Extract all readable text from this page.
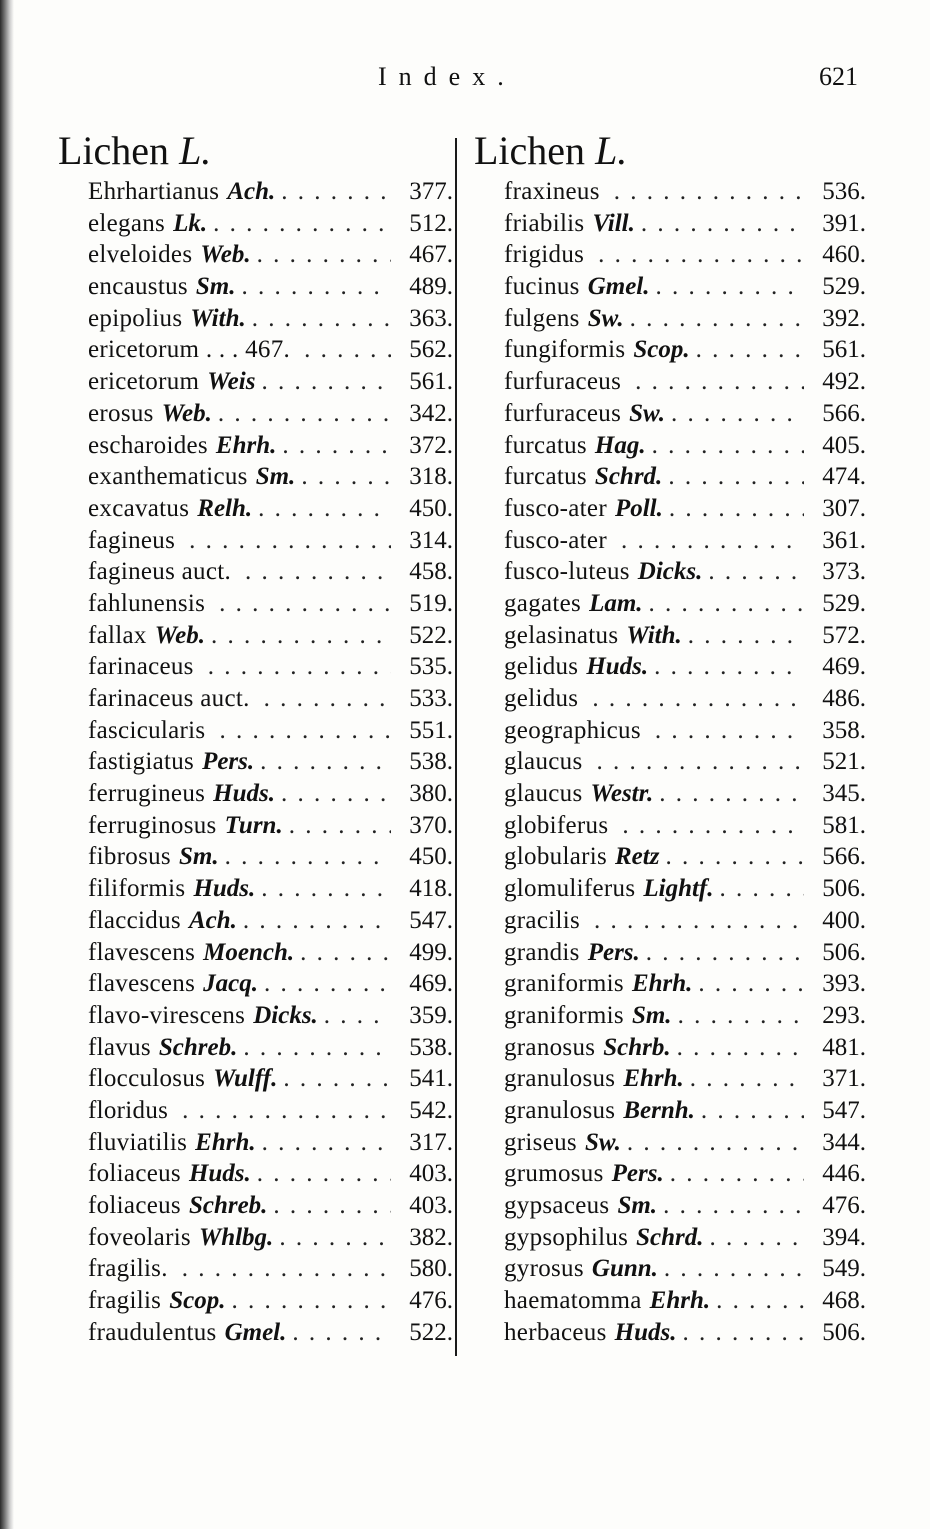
Index.	621
Lichen L.
Ehrhartianus Ach. . . .	377.
elegans Lk. . . .	512.
elveloides Web. . . .	467.
encaustus Sm. . . .	489.
epipolius With. . . .	363.
ericetorum . . . 467. . . .	562.
ericetorum Weis . . .	561.
erosus Web. . . .	342.
escharoides Ehrh. . . .	372.
exanthematicus Sm. . . .	318.
excavatus Relh. . . .	450.
fagineus . . .	314.
fagineus auct. . . .	458.
fahlunensis . . .	519.
fallax Web. . . .	522.
farinaceus . . .	535.
farinaceus auct. . . .	533.
fascicularis . . .	551.
fastigiatus Pers. . . .	538.
ferrugineus Huds. . . .	380.
ferruginosus Turn. . . .	370.
fibrosus Sm. . . .	450.
filiformis Huds. . . .	418.
flaccidus Ach. . . .	547.
flavescens Moench. . . .	499.
flavescens Jacq. . . .	469.
flavo-virescens Dicks. . . .	359.
flavus Schreb. . . .	538.
flocculosus Wulff. . . .	541.
floridus . . .	542.
fluviatilis Ehrh. . . .	317.
foliaceus Huds. . . .	403.
foliaceus Schreb. . . .	403.
foveolaris Whlbg. . . .	382.
fragilis. . . .	580.
fragilis Scop. . . .	476.
fraudulentus Gmel. . . .	522.
Lichen L.
fraxineus . . .	536.
friabilis Vill. . . .	391.
frigidus . . .	460.
fucinus Gmel. . . .	529.
fulgens Sw. . . .	392.
fungiformis Scop. . . .	561.
furfuraceus . . .	492.
furfuraceus Sw. . . .	566.
furcatus Hag. . . .	405.
furcatus Schrd. . . .	474.
fusco-ater Poll. . . .	307.
fusco-ater . . .	361.
fusco-luteus Dicks. . . .	373.
gagates Lam. . . .	529.
gelasinatus With. . . .	572.
gelidus Huds. . . .	469.
gelidus . . .	486.
geographicus . . .	358.
glaucus . . .	521.
glaucus Westr. . . .	345.
globiferus . . .	581.
globularis Retz . . .	566.
glomuliferus Lightf. . . .	506.
gracilis . . .	400.
grandis Pers. . . .	506.
graniformis Ehrh. . . .	393.
graniformis Sm. . . .	293.
granosus Schrb. . . .	481.
granulosus Ehrh. . . .	371.
granulosus Bernh. . . .	547.
griseus Sw. . . .	344.
grumosus Pers. . . .	446.
gypsaceus Sm. . . .	476.
gypsophilus Schrd. . . .	394.
gyrosus Gunn. . . .	549.
haematomma Ehrh. . . .	468.
herbaceus Huds. . . .	506.
